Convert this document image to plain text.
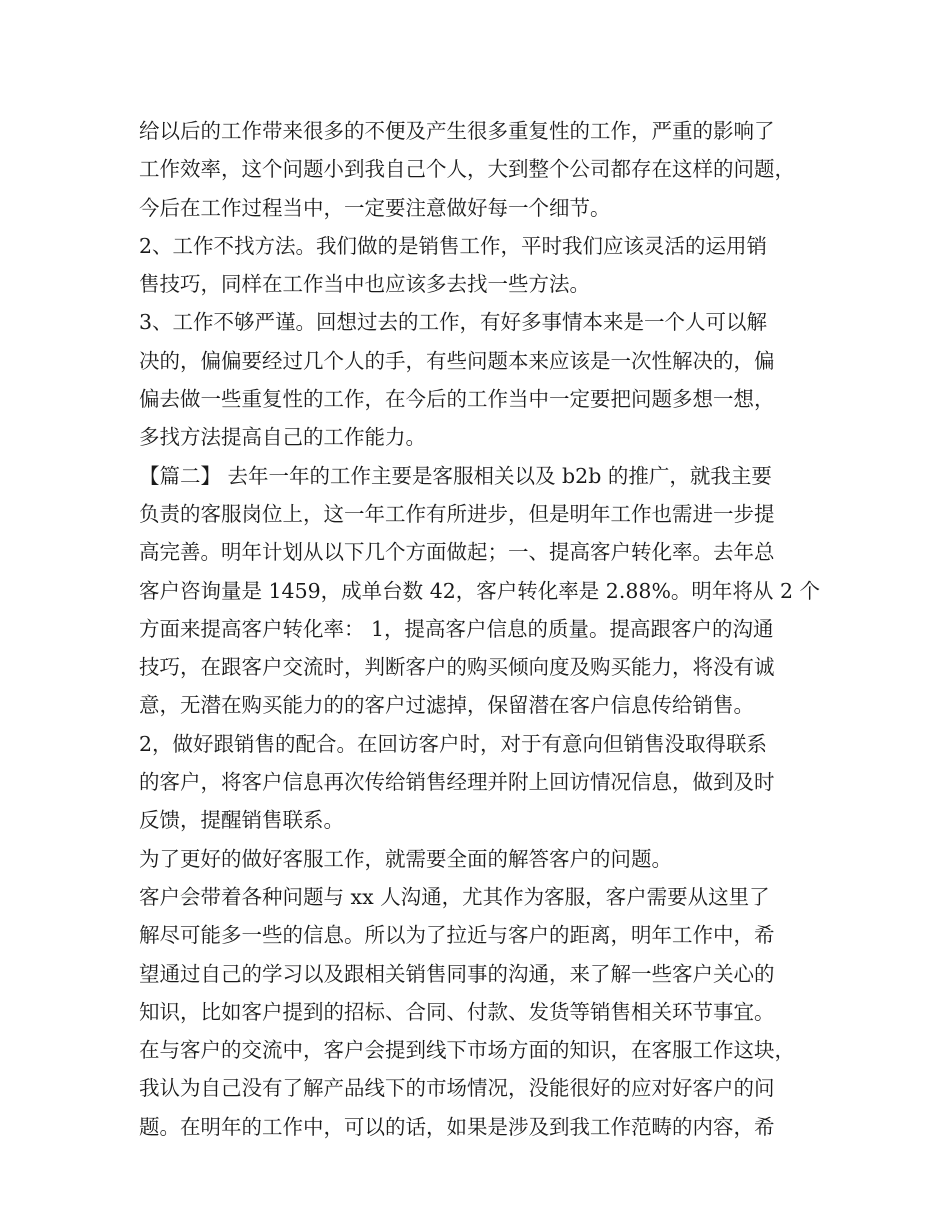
给以后的工作带来很多的不便及产生很多重复性的工作，严重的影响了
工作效率，这个问题小到我自己个人，大到整个公司都存在这样的问题，
今后在工作过程当中，一定要注意做好每一个细节。
2、工作不找方法。我们做的是销售工作，平时我们应该灵活的运用销
售技巧，同样在工作当中也应该多去找一些方法。
3、工作不够严谨。回想过去的工作，有好多事情本来是一个人可以解
决的，偏偏要经过几个人的手，有些问题本来应该是一次性解决的，偏
偏去做一些重复性的工作，在今后的工作当中一定要把问题多想一想，
多找方法提高自己的工作能力。
【篇二】 去年一年的工作主要是客服相关以及 b2b 的推广，就我主要
负责的客服岗位上，这一年工作有所进步，但是明年工作也需进一步提
高完善。明年计划从以下几个方面做起；一、提高客户转化率。去年总
客户咨询量是 1459，成单台数 42，客户转化率是 2.88%。明年将从 2 个
方面来提高客户转化率： 1，提高客户信息的质量。提高跟客户的沟通
技巧，在跟客户交流时，判断客户的购买倾向度及购买能力，将没有诚
意，无潜在购买能力的的客户过滤掉，保留潜在客户信息传给销售。
2，做好跟销售的配合。在回访客户时，对于有意向但销售没取得联系
的客户，将客户信息再次传给销售经理并附上回访情况信息，做到及时
反馈，提醒销售联系。
为了更好的做好客服工作，就需要全面的解答客户的问题。
客户会带着各种问题与 xx 人沟通，尤其作为客服，客户需要从这里了
解尽可能多一些的信息。所以为了拉近与客户的距离，明年工作中，希
望通过自己的学习以及跟相关销售同事的沟通，来了解一些客户关心的
知识，比如客户提到的招标、合同、付款、发货等销售相关环节事宜。
在与客户的交流中，客户会提到线下市场方面的知识，在客服工作这块，
我认为自己没有了解产品线下的市场情况，没能很好的应对好客户的问
题。在明年的工作中，可以的话，如果是涉及到我工作范畴的内容，希
